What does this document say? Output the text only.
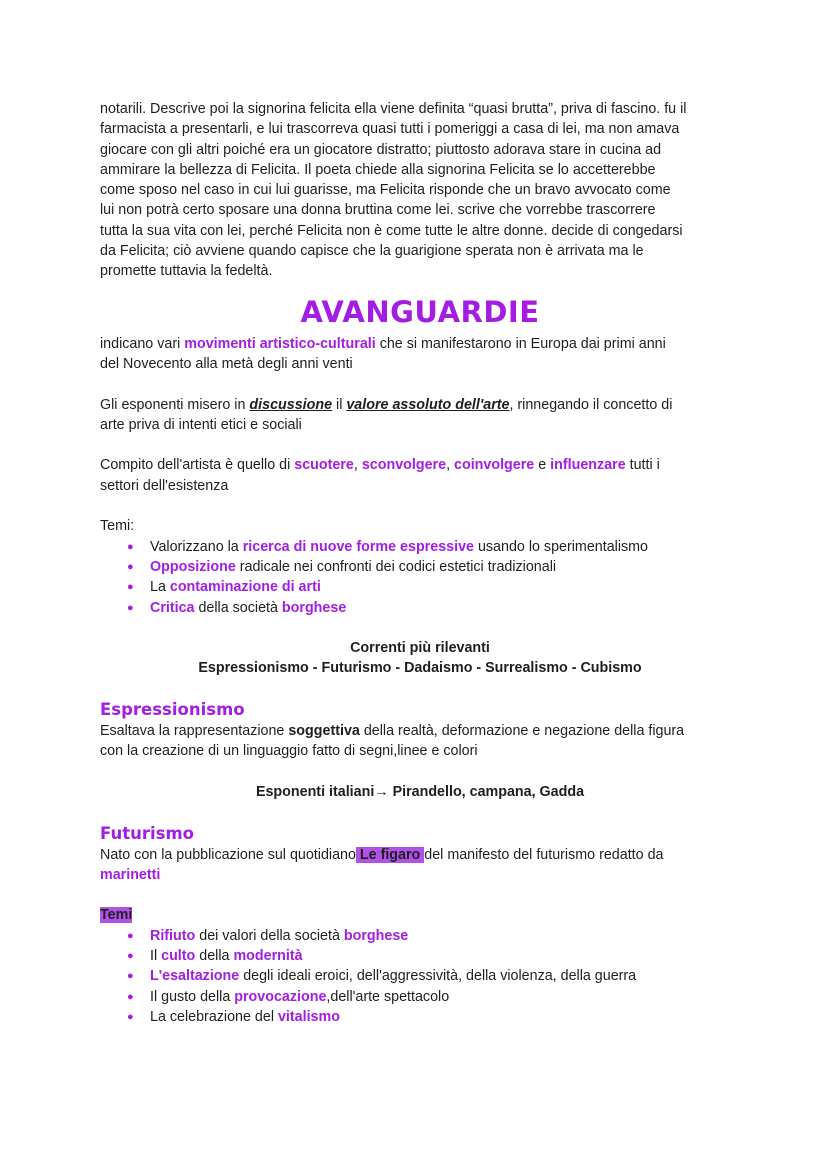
notarili. Descrive poi la signorina felicita ella viene definita “quasi brutta”, priva di fascino. fu il

farmacista a presentarli, e lui trascorreva quasi tutti i pomeriggi a casa di lei, ma non amava

giocare con gli altri poiché era un giocatore distratto; piuttosto adorava stare in cucina ad

ammirare la bellezza di Felicita. Il poeta chiede alla signorina Felicita se lo accetterebbe

come sposo nel caso in cui lui guarisse, ma Felicita risponde che un bravo avvocato come

lui non potrà certo sposare una donna bruttina come lei. scrive che vorrebbe trascorrere

tutta la sua vita con lei, perché Felicita non è come tutte le altre donne. decide di congedarsi

da Felicita; ciò avviene quando capisce che la guarigione sperata non è arrivata ma le

promette tuttavia la fedeltà.

AVANGUARDIE

indicano vari movimenti artistico-culturali che si manifestarono in Europa dai primi anni

del Novecento alla metà degli anni venti

Gli esponenti misero in discussione il valore assoluto dell'arte, rinnegando il concetto di

arte priva di intenti etici e sociali

Compito dell'artista è quello di scuotere, sconvolgere, coinvolgere e influenzare tutti i

settori dell'esistenza

Temi:

● Valorizzano la ricerca di nuove forme espressive usando lo sperimentalismo
● Opposizione radicale nei confronti dei codici estetici tradizionali
● La contaminazione di arti
● Critica della società borghese

Correnti più rilevanti

Espressionismo - Futurismo - Dadaismo - Surrealismo - Cubismo

Espressionismo

Esaltava la rappresentazione soggettiva della realtà, deformazione e negazione della figura

con la creazione di un linguaggio fatto di segni,linee e colori

Esponenti italiani→ Pirandello, campana, Gadda

Futurismo

Nato con la pubblicazione sul quotidiano Le figaro del manifesto del futurismo redatto da

marinetti

Temi

● Rifiuto dei valori della società borghese
● Il culto della modernità
● L'esaltazione degli ideali eroici, dell'aggressività, della violenza, della guerra
● Il gusto della provocazione,dell'arte spettacolo
● La celebrazione del vitalismo
